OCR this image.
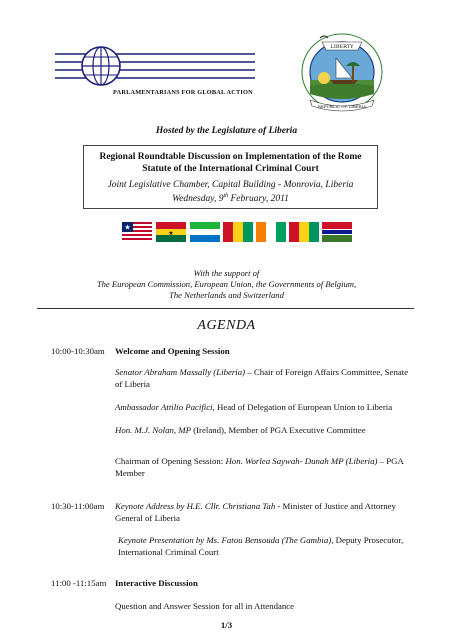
PARLAMENTARIANS FOR GLOBAL ACTION
LIBERTY
REPUBLIC OF LIBERIA
Hosted by the Legislature of Liberia
Regional Roundtable Discussion on Implementation of the Rome
Statute of the International Criminal Court
Joint Legislative Chamber, Capital Building - Monrovia, Liberia
Wednesday, 9th February, 2011
★
★
With the support of
The European Commission, European Union, the Governments of Belgium,
The Netherlands and Switzerland
AGENDA
10:00-10:30am Welcome and Opening Session
Senator Abraham Massally (Liberia) – Chair of Foreign Affairs Committee, Senate of Liberia
Ambassador Attilio Pacifici, Head of Delegation of European Union to Liberia
Hon. M.J. Nolan, MP (Ireland), Member of PGA Executive Committee
Chairman of Opening Session: Hon. Worlea Saywah- Dunah MP (Liberia) – PGA Member
10:30-11:00am Keynote Address by H.E. Cllr. Christiana Tah - Minister of Justice and Attorney General of Liberia
Keynote Presentation by Ms. Fatou Bensouda (The Gambia), Deputy Prosecutor, International Criminal Court
11:00 -11:15am Interactive Discussion
Question and Answer Session for all in Attendance
1/3
